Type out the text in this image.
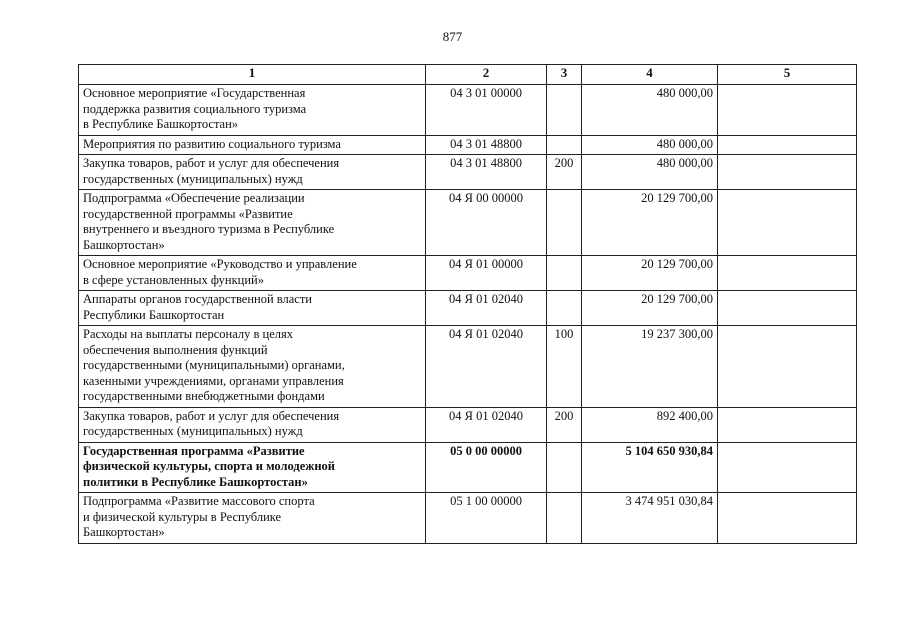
877
1	2	3	4	5

Основное мероприятие «Государственная
поддержка развития социального туризма
в Республике Башкортостан»	04 3 01 00000		480 000,00	

Мероприятия по развитию социального туризма	04 3 01 48800		480 000,00	

Закупка товаров, работ и услуг для обеспечения
государственных (муниципальных) нужд	04 3 01 48800	200	480 000,00	

Подпрограмма «Обеспечение реализации
государственной программы «Развитие
внутреннего и въездного туризма в Республике
Башкортостан»	04 Я 00 00000		20 129 700,00	

Основное мероприятие «Руководство и управление
в сфере установленных функций»	04 Я 01 00000		20 129 700,00	

Аппараты органов государственной власти
Республики Башкортостан	04 Я 01 02040		20 129 700,00	

Расходы на выплаты персоналу в целях
обеспечения выполнения функций
государственными (муниципальными) органами,
казенными учреждениями, органами управления
государственными внебюджетными фондами	04 Я 01 02040	100	19 237 300,00	

Закупка товаров, работ и услуг для обеспечения
государственных (муниципальных) нужд	04 Я 01 02040	200	892 400,00	

Государственная программа «Развитие
физической культуры, спорта и молодежной
политики в Республике Башкортостан»	05 0 00 00000		5 104 650 930,84	

Подпрограмма «Развитие массового спорта
и физической культуры в Республике
Башкортостан»	05 1 00 00000		3 474 951 030,84	
